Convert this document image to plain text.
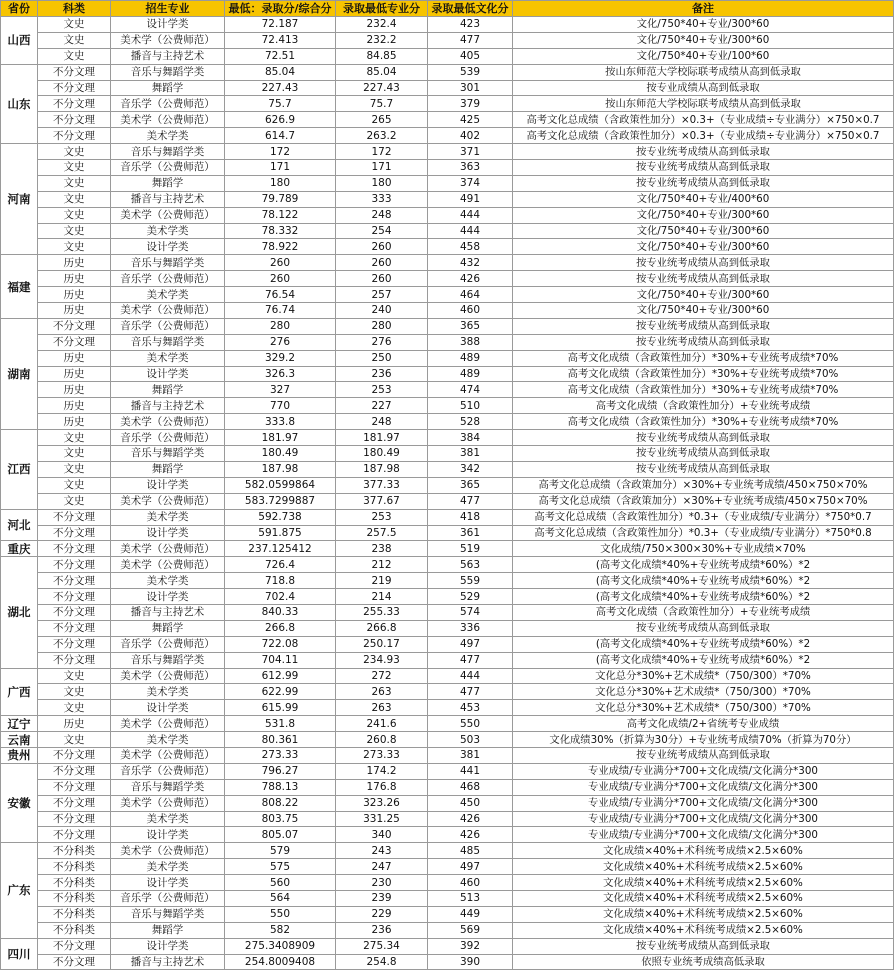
省份	科类	招生专业	最低：录取分/综合分	录取最低专业分	录取最低文化分	备注
山西	文史	设计学类	72.187	232.4	423	文化/750*40+专业/300*60
	文史	美术学（公费师范）	72.413	232.2	477	文化/750*40+专业/300*60
	文史	播音与主持艺术	72.51	84.85	405	文化/750*40+专业/100*60
山东	不分文理	音乐与舞蹈学类	85.04	85.04	539	按山东师范大学校际联考成绩从高到低录取
	不分文理	舞蹈学	227.43	227.43	301	按专业成绩从高到低录取
	不分文理	音乐学（公费师范）	75.7	75.7	379	按山东师范大学校际联考成绩从高到低录取
	不分文理	美术学（公费师范）	626.9	265	425	高考文化总成绩（含政策性加分）×0.3+（专业成绩÷专业满分）×750×0.7
	不分文理	美术学类	614.7	263.2	402	高考文化总成绩（含政策性加分）×0.3+（专业成绩÷专业满分）×750×0.7
河南	文史	音乐与舞蹈学类	172	172	371	按专业统考成绩从高到低录取
	文史	音乐学（公费师范）	171	171	363	按专业统考成绩从高到低录取
	文史	舞蹈学	180	180	374	按专业统考成绩从高到低录取
	文史	播音与主持艺术	79.789	333	491	文化/750*40+专业/400*60
	文史	美术学（公费师范）	78.122	248	444	文化/750*40+专业/300*60
	文史	美术学类	78.332	254	444	文化/750*40+专业/300*60
	文史	设计学类	78.922	260	458	文化/750*40+专业/300*60
福建	历史	音乐与舞蹈学类	260	260	432	按专业统考成绩从高到低录取
	历史	音乐学（公费师范）	260	260	426	按专业统考成绩从高到低录取
	历史	美术学类	76.54	257	464	文化/750*40+专业/300*60
	历史	美术学（公费师范）	76.74	240	460	文化/750*40+专业/300*60
湖南	不分文理	音乐学（公费师范）	280	280	365	按专业统考成绩从高到低录取
	不分文理	音乐与舞蹈学类	276	276	388	按专业统考成绩从高到低录取
	历史	美术学类	329.2	250	489	高考文化成绩（含政策性加分）*30%+专业统考成绩*70%
	历史	设计学类	326.3	236	489	高考文化成绩（含政策性加分）*30%+专业统考成绩*70%
	历史	舞蹈学	327	253	474	高考文化成绩（含政策性加分）*30%+专业统考成绩*70%
	历史	播音与主持艺术	770	227	510	高考文化成绩（含政策性加分）+专业统考成绩
	历史	美术学（公费师范）	333.8	248	528	高考文化成绩（含政策性加分）*30%+专业统考成绩*70%
江西	文史	音乐学（公费师范）	181.97	181.97	384	按专业统考成绩从高到低录取
	文史	音乐与舞蹈学类	180.49	180.49	381	按专业统考成绩从高到低录取
	文史	舞蹈学	187.98	187.98	342	按专业统考成绩从高到低录取
	文史	设计学类	582.0599864	377.33	365	高考文化总成绩（含政策加分）×30%+专业统考成绩/450×750×70%
	文史	美术学（公费师范）	583.7299887	377.67	477	高考文化总成绩（含政策加分）×30%+专业统考成绩/450×750×70%
河北	不分文理	美术学类	592.738	253	418	高考文化总成绩（含政策性加分）*0.3+（专业成绩/专业满分）*750*0.7
	不分文理	设计学类	591.875	257.5	361	高考文化总成绩（含政策性加分）*0.3+（专业成绩/专业满分）*750*0.8
重庆	不分文理	美术学（公费师范）	237.125412	238	519	文化成绩/750×300×30%+专业成绩×70%
湖北	不分文理	美术学（公费师范）	726.4	212	563	(高考文化成绩*40%+专业统考成绩*60%）*2
	不分文理	美术学类	718.8	219	559	(高考文化成绩*40%+专业统考成绩*60%）*2
	不分文理	设计学类	702.4	214	529	(高考文化成绩*40%+专业统考成绩*60%）*2
	不分文理	播音与主持艺术	840.33	255.33	574	高考文化成绩（含政策性加分）+专业统考成绩
	不分文理	舞蹈学	266.8	266.8	336	按专业统考成绩从高到低录取
	不分文理	音乐学（公费师范）	722.08	250.17	497	(高考文化成绩*40%+专业统考成绩*60%）*2
	不分文理	音乐与舞蹈学类	704.11	234.93	477	(高考文化成绩*40%+专业统考成绩*60%）*2
广西	文史	美术学（公费师范）	612.99	272	444	文化总分*30%+艺术成绩*（750/300）*70%
	文史	美术学类	622.99	263	477	文化总分*30%+艺术成绩*（750/300）*70%
	文史	设计学类	615.99	263	453	文化总分*30%+艺术成绩*（750/300）*70%
辽宁	历史	美术学（公费师范）	531.8	241.6	550	高考文化成绩/2+省统考专业成绩
云南	文史	美术学类	80.361	260.8	503	文化成绩30%（折算为30分）+专业统考成绩70%（折算为70分）
贵州	不分文理	美术学（公费师范）	273.33	273.33	381	按专业统考成绩从高到低录取
安徽	不分文理	音乐学（公费师范）	796.27	174.2	441	专业成绩/专业满分*700+文化成绩/文化满分*300
	不分文理	音乐与舞蹈学类	788.13	176.8	468	专业成绩/专业满分*700+文化成绩/文化满分*300
	不分文理	美术学（公费师范）	808.22	323.26	450	专业成绩/专业满分*700+文化成绩/文化满分*300
	不分文理	美术学类	803.75	331.25	426	专业成绩/专业满分*700+文化成绩/文化满分*300
	不分文理	设计学类	805.07	340	426	专业成绩/专业满分*700+文化成绩/文化满分*300
广东	不分科类	美术学（公费师范）	579	243	485	文化成绩×40%+术科统考成绩×2.5×60%
	不分科类	美术学类	575	247	497	文化成绩×40%+术科统考成绩×2.5×60%
	不分科类	设计学类	560	230	460	文化成绩×40%+术科统考成绩×2.5×60%
	不分科类	音乐学（公费师范）	564	239	513	文化成绩×40%+术科统考成绩×2.5×60%
	不分科类	音乐与舞蹈学类	550	229	449	文化成绩×40%+术科统考成绩×2.5×60%
	不分科类	舞蹈学	582	236	569	文化成绩×40%+术科统考成绩×2.5×60%
四川	不分文理	设计学类	275.3408909	275.34	392	按专业统考成绩从高到低录取
	不分文理	播音与主持艺术	254.8009408	254.8	390	依照专业统考成绩高低录取
